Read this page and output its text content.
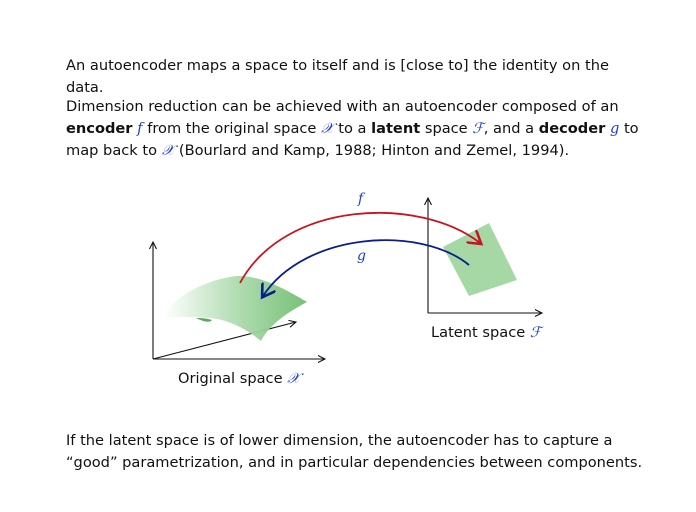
An autoencoder maps a space to itself and is [close to] the identity on the data.
Dimension reduction can be achieved with an autoencoder composed of an encoder f from the original space 𝒳 to a latent space ℱ, and a decoder g to map back to 𝒳 (Bourlard and Kamp, 1988; Hinton and Zemel, 1994).
f
g
Original space 𝒳
Latent space ℱ
If the latent space is of lower dimension, the autoencoder has to capture a “good” parametrization, and in particular dependencies between components.
